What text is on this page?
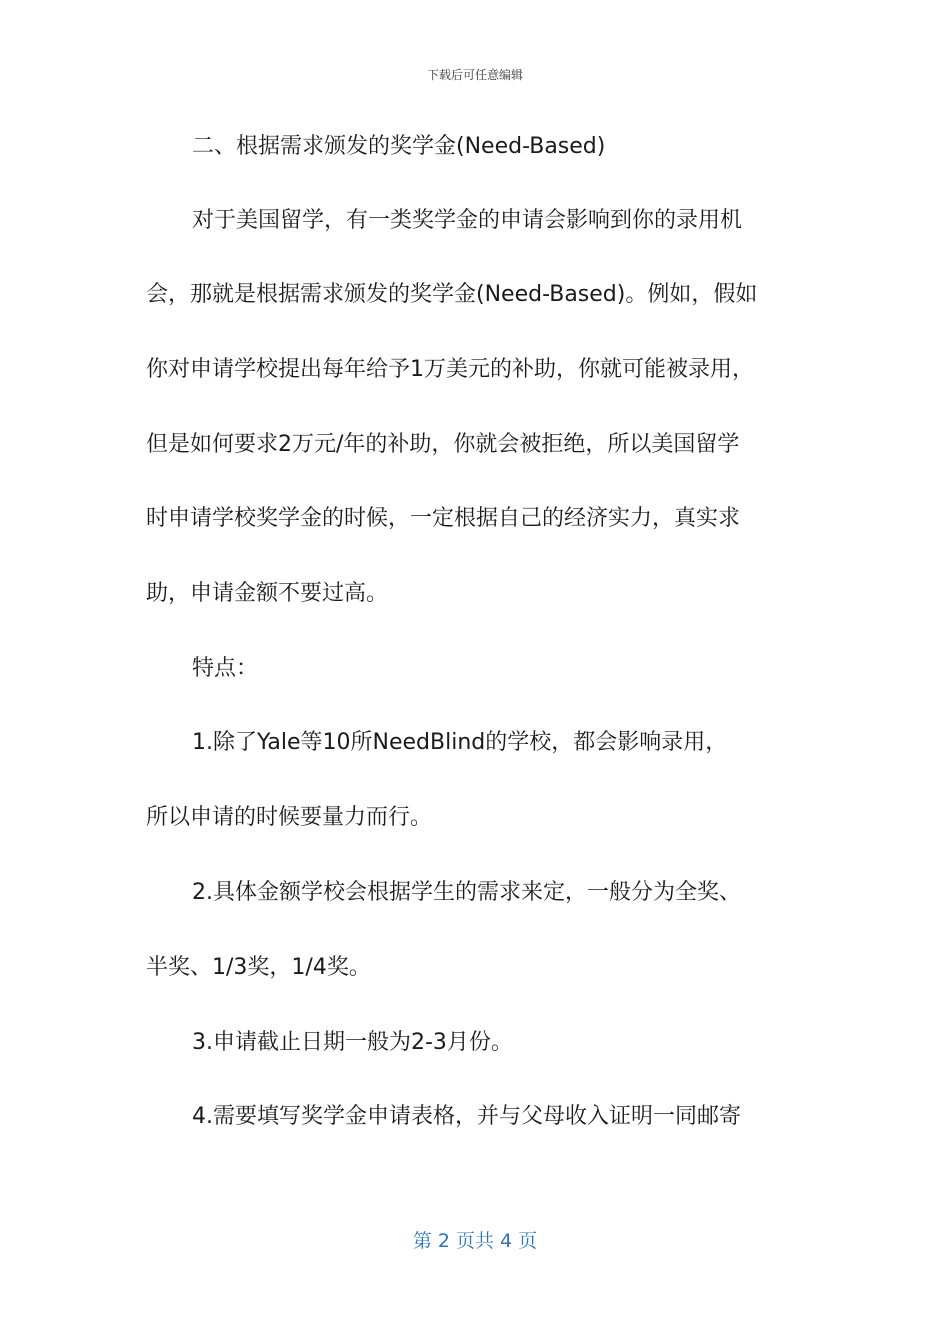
下载后可任意编辑
二、根据需求颁发的奖学金(Need-Based)
对于美国留学，有一类奖学金的申请会影响到你的录用机
会，那就是根据需求颁发的奖学金(Need-Based)。例如，假如
你对申请学校提出每年给予1万美元的补助，你就可能被录用，
但是如何要求2万元/年的补助，你就会被拒绝，所以美国留学
时申请学校奖学金的时候，一定根据自己的经济实力，真实求
助，申请金额不要过高。
特点：
1.除了Yale等10所NeedBlind的学校，都会影响录用，
所以申请的时候要量力而行。
2.具体金额学校会根据学生的需求来定，一般分为全奖、
半奖、1/3奖，1/4奖。
3.申请截止日期一般为2-3月份。
4.需要填写奖学金申请表格，并与父母收入证明一同邮寄
第 2 页共 4 页
